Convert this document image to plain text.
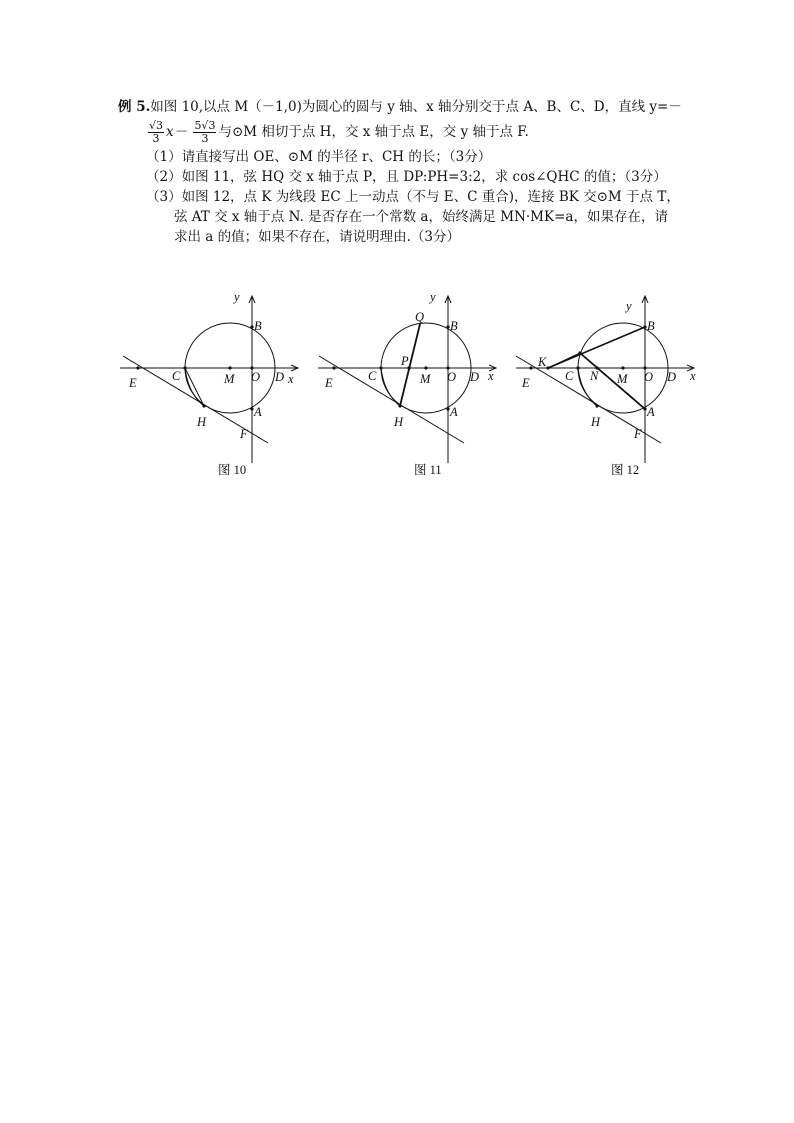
例 5.如图 10,以点 M（－1,0)为圆心的圆与 y 轴、x 轴分别交于点 A、B、C、D，直线 y=－
$\frac{√3}{3} x- \frac{5√3}{3}$ 与⊙M 相切于点 H，交 x 轴于点 E，交 y 轴于点 F.
（1）请直接写出 OE、⊙M 的半径 r、CH 的长；（3分）
（2）如图 11，弦 HQ 交 x 轴于点 P，且 DP:PH=3:2，求 cos∠QHC 的值；（3分）
（3）如图 12，点 K 为线段 EC 上一动点（不与 E、C 重合)，连接 BK 交⊙M 于点 T，
弦 AT 交 x 轴于点 N. 是否存在一个常数 a，始终满足 MN·MK=a，如果存在，请
求出 a 的值；如果不存在，请说明理由.（3分）
y
x
B
E	C	M O D
A
H
F
图 10
y
x
Q
B
P
E	C	M O D
A
H
图 11
y
x
B
K
E	C N M O D
A
H
F
图 12
